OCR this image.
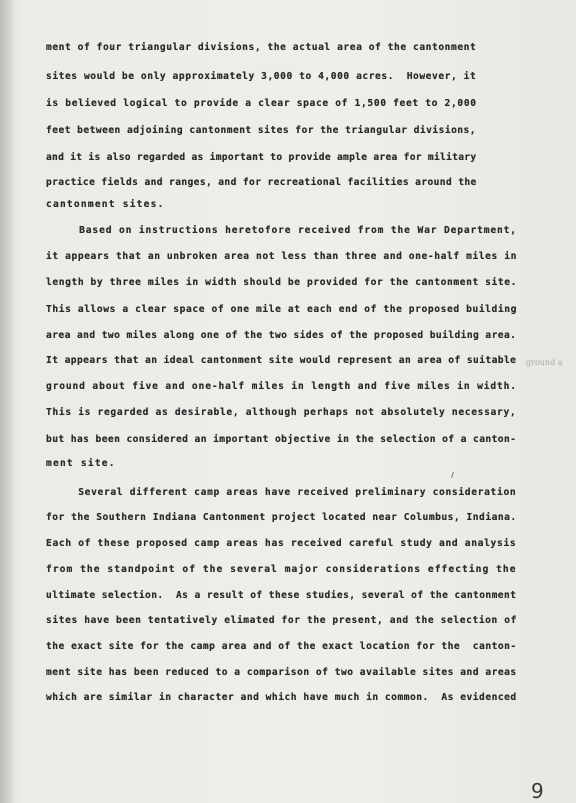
ment of four triangular divisions, the actual area of the cantonment
sites would be only approximately 3,000 to 4,000 acres.  However, it
is believed logical to provide a clear space of 1,500 feet to 2,000
feet between adjoining cantonment sites for the triangular divisions,
and it is also regarded as important to provide ample area for military
practice fields and ranges, and for recreational facilities around the
cantonment sites.
Based on instructions heretofore received from the War Department,
it appears that an unbroken area not less than three and one-half miles in
length by three miles in width should be provided for the cantonment site.
This allows a clear space of one mile at each end of the proposed building
area and two miles along one of the two sides of the proposed building area.
It appears that an ideal cantonment site would represent an area of suitable
ground about five and one-half miles in length and five miles in width.
This is regarded as desirable, although perhaps not absolutely necessary,
but has been considered an important objective in the selection of a canton-
ment site.
Several different camp areas have received preliminary consideration
for the Southern Indiana Cantonment project located near Columbus, Indiana.
Each of these proposed camp areas has received careful study and analysis
from the standpoint of the several major considerations effecting the
ultimate selection.  As a result of these studies, several of the cantonment
sites have been tentatively elimated for the present, and the selection of
the exact site for the camp area and of the exact location for the  canton-
ment site has been reduced to a comparison of two available sites and areas
which are similar in character and which have much in common.  As evidenced
ground a
9
